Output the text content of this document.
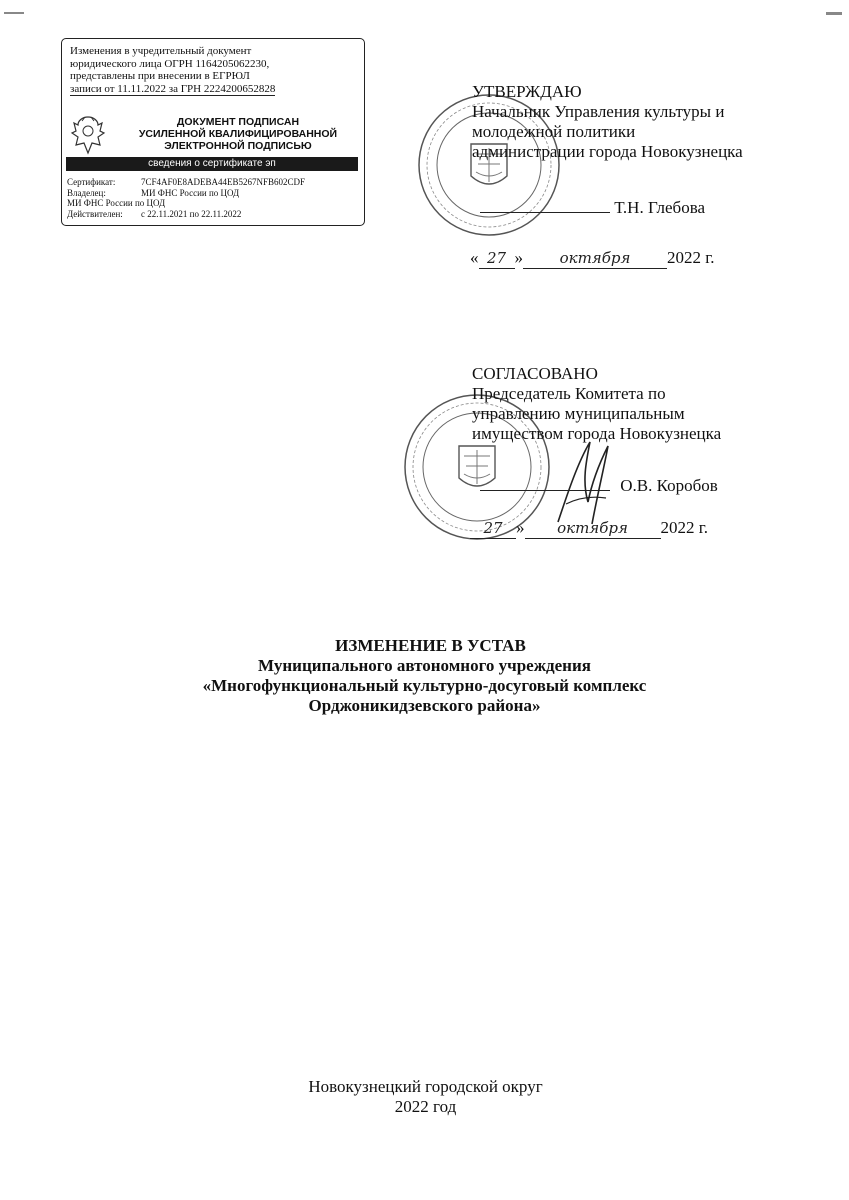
Изменения в учредительный документ
юридического лица ОГРН 1164205062230,
представлены при внесении в ЕГРЮЛ
записи от 11.11.2022 за ГРН 2224200652828
ДОКУМЕНТ ПОДПИСАН
УСИЛЕННОЙ КВАЛИФИЦИРОВАННОЙ
ЭЛЕКТРОННОЙ ПОДПИСЬЮ
сведения о сертификате эп
Сертификат:	7CF4AF0E8ADEBA44EB5267NFB602CDF
Владелец:	МИ ФНС России по ЦОД
МИ ФНС России по ЦОД
Действителен: с 22.11.2021 по 22.11.2022
УТВЕРЖДАЮ
Начальник Управления культуры и
молодежной политики
администрации города Новокузнецка
Т.Н. Глебова
« 27 » октября 2022 г.
СОГЛАСОВАНО
Председатель Комитета по
управлению муниципальным
имуществом города Новокузнецка
О.В. Коробов
27 » октября 2022 г.
ИЗМЕНЕНИЕ В УСТАВ
Муниципального автономного учреждения
«Многофункциональный культурно-досуговый комплекс
Орджоникидзевского района»
Новокузнецкий городской округ
2022 год
